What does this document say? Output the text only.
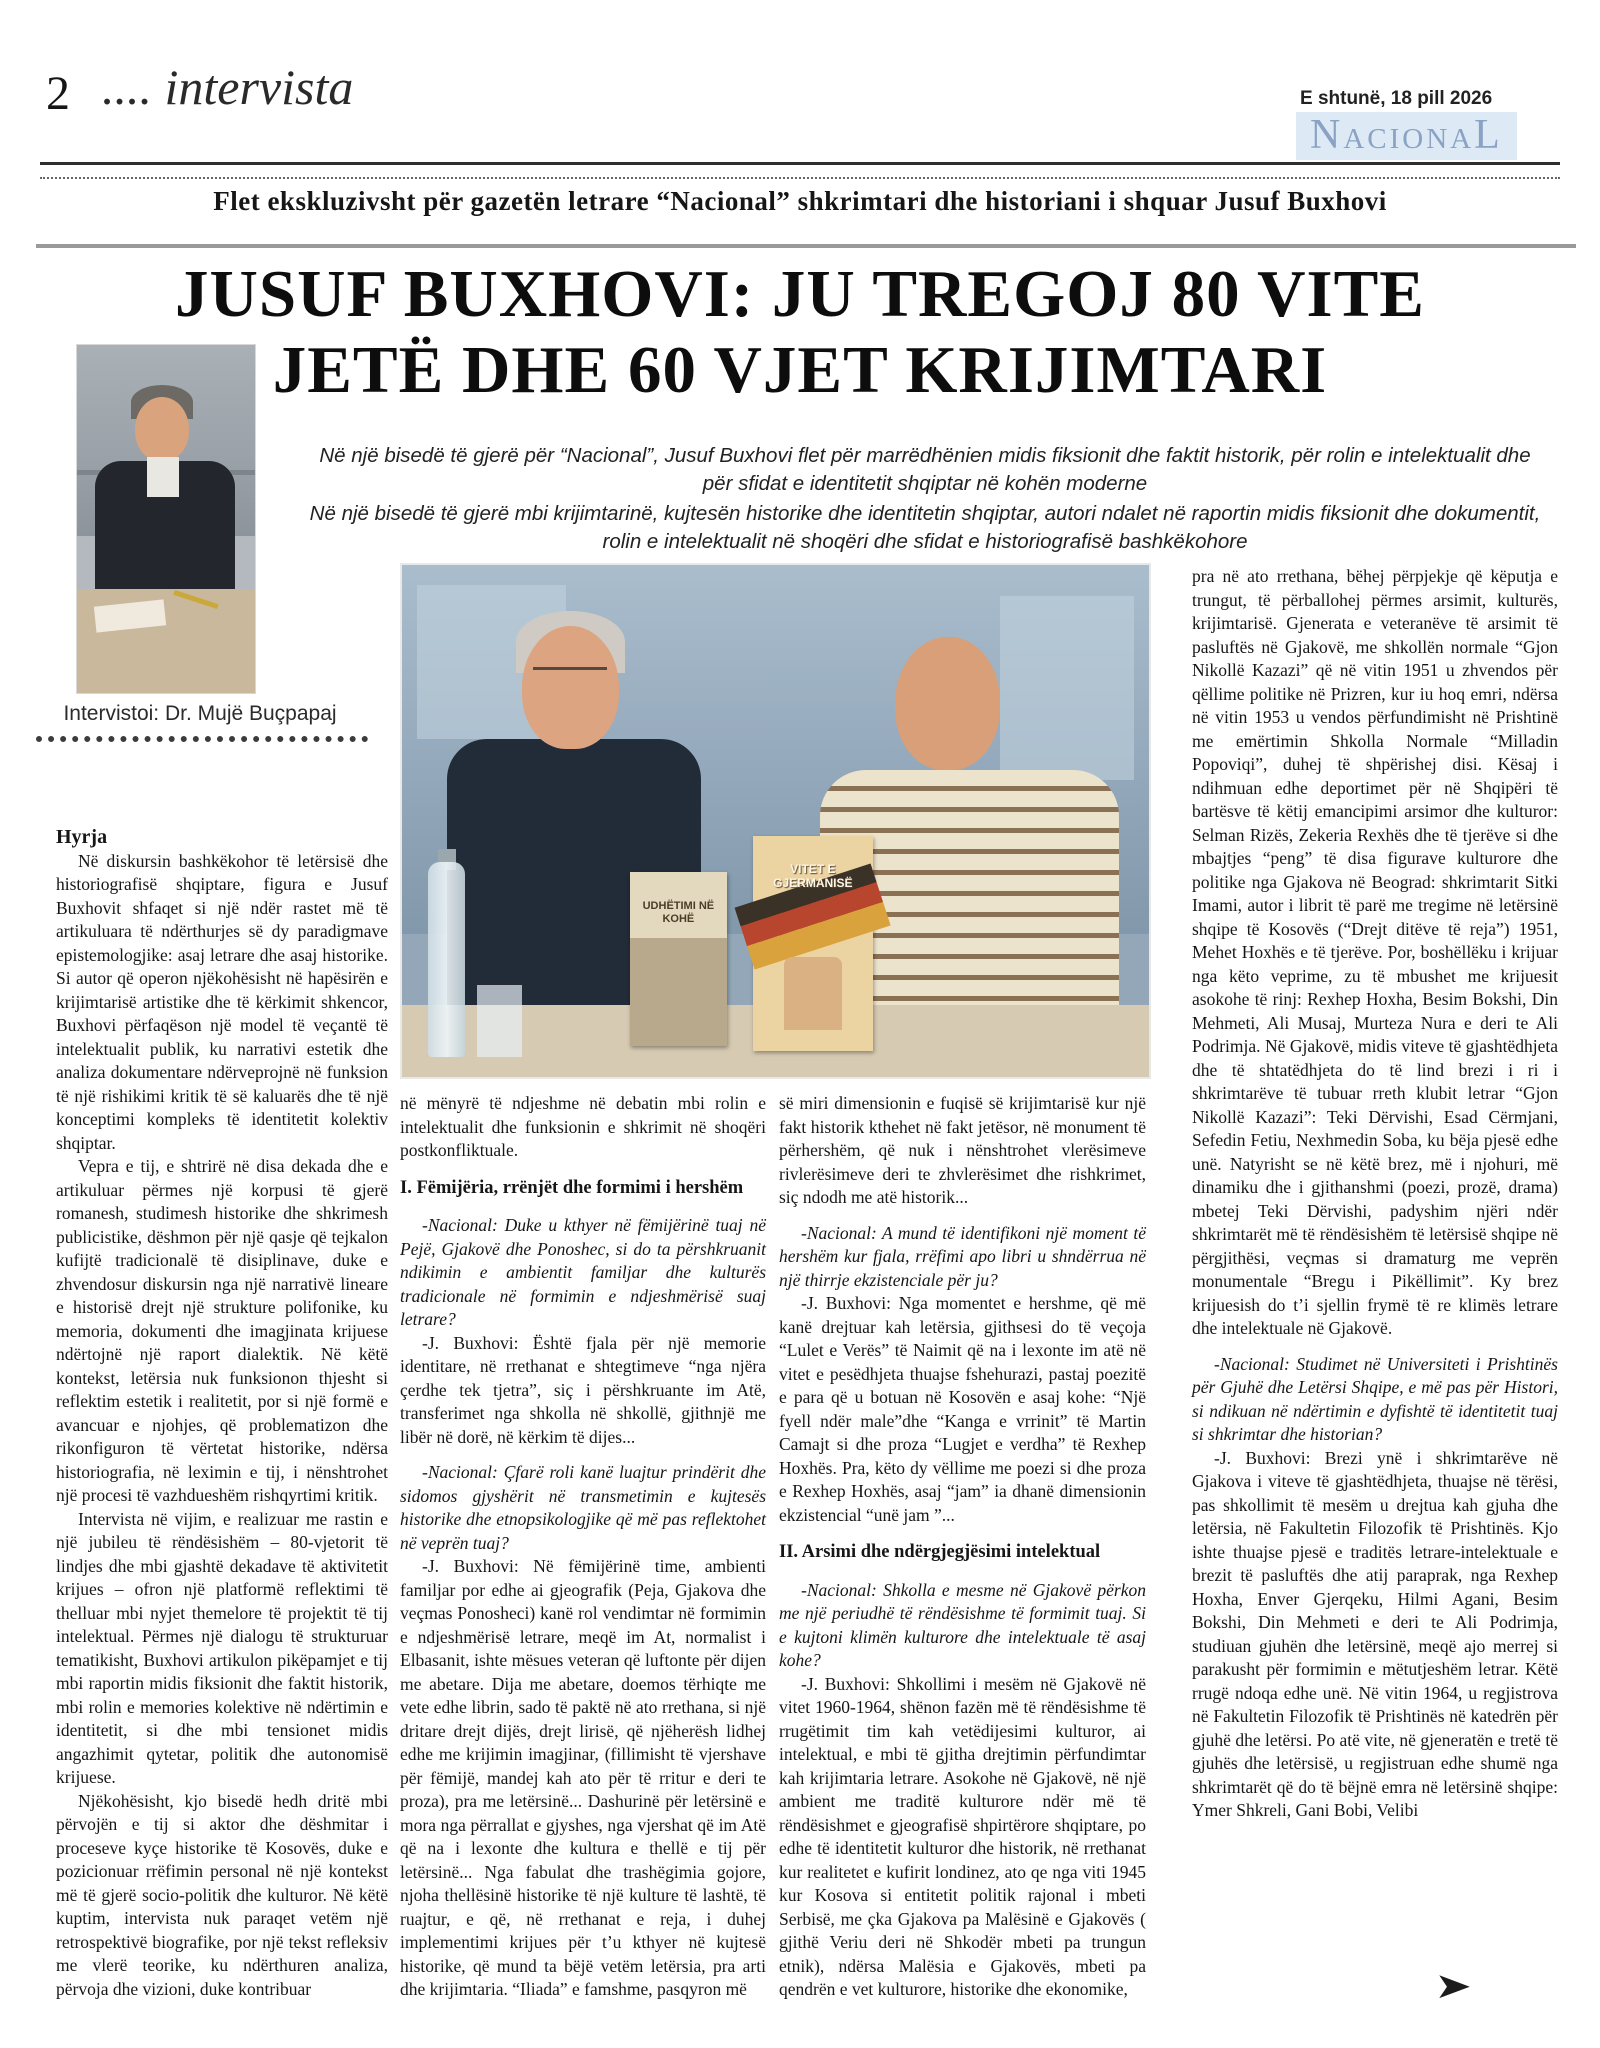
2 .... intervista	E shtunë, 18 pill 2026
NacionaL
Flet ekskluzivsht për gazetën letrare “Nacional” shkrimtari dhe historiani i shquar Jusuf Buxhovi
JUSUF BUXHOVI: JU TREGOJ 80 VITE
JETË DHE 60 VJET KRIJIMTARI

Në një bisedë të gjerë për “Nacional”, Jusuf Buxhovi flet për marrëdhënien midis fiksionit dhe faktit historik, për rolin e intelektualit dhe për sfidat e identitetit shqiptar në kohën moderne

Në një bisedë të gjerë mbi krijimtarinë, kujtesën historike dhe identitetin shqiptar, autori ndalet në raportin midis fiksionit dhe dokumentit, rolin e intelektualit në shoqëri dhe sfidat e historiografisë bashkëkohore

Intervistoi: Dr. Mujë Buçpapaj
UDHËTIMI NË KOHË
VITET E GJERMANISË

Hyrja

Në diskursin bashkëkohor të letërsisë dhe historiografisë shqiptare, figura e Jusuf Buxhovit shfaqet si një ndër rastet më të artikuluara të ndërthurjes së dy paradigmave epistemologjike: asaj letrare dhe asaj historike. Si autor që operon njëkohësisht në hapësirën e krijimtarisë artistike dhe të kërkimit shkencor, Buxhovi përfaqëson një model të veçantë të intelektualit publik, ku narrativi estetik dhe analiza dokumentare ndërveprojnë në funksion të një rishikimi kritik të së kaluarës dhe të një konceptimi kompleks të identitetit kolektiv shqiptar.

Vepra e tij, e shtrirë në disa dekada dhe e artikuluar përmes një korpusi të gjerë romanesh, studimesh historike dhe shkrimesh publicistike, dëshmon për një qasje që tejkalon kufijtë tradicionalë të disiplinave, duke e zhvendosur diskursin nga një narrativë lineare e historisë drejt një strukture polifonike, ku memoria, dokumenti dhe imagjinata krijuese ndërtojnë një raport dialektik. Në këtë kontekst, letërsia nuk funksionon thjesht si reflektim estetik i realitetit, por si një formë e avancuar e njohjes, që problematizon dhe rikonfiguron të vërtetat historike, ndërsa historiografia, në leximin e tij, i nënshtrohet një procesi të vazhdueshëm rishqyrtimi kritik.

Intervista në vijim, e realizuar me rastin e një jubileu të rëndësishëm – 80-vjetorit të lindjes dhe mbi gjashtë dekadave të aktivitetit krijues – ofron një platformë reflektimi të thelluar mbi nyjet themelore të projektit të tij intelektual. Përmes një dialogu të strukturuar tematikisht, Buxhovi artikulon pikëpamjet e tij mbi raportin midis fiksionit dhe faktit historik, mbi rolin e memories kolektive në ndërtimin e identitetit, si dhe mbi tensionet midis angazhimit qytetar, politik dhe autonomisë krijuese.

Njëkohësisht, kjo bisedë hedh dritë mbi përvojën e tij si aktor dhe dëshmitar i proceseve kyçe historike të Kosovës, duke e pozicionuar rrëfimin personal në një kontekst më të gjerë socio-politik dhe kulturor. Në këtë kuptim, intervista nuk paraqet vetëm një retrospektivë biografike, por një tekst refleksiv me vlerë teorike, ku ndërthuren analiza, përvoja dhe vizioni, duke kontribuar

në mënyrë të ndjeshme në debatin mbi rolin e intelektualit dhe funksionin e shkrimit në shoqëri postkonfliktuale.

I. Fëmijëria, rrënjët dhe formimi i hershëm

-Nacional: Duke u kthyer në fëmijërinë tuaj në Pejë, Gjakovë dhe Ponoshec, si do ta përshkruanit ndikimin e ambientit familjar dhe kulturës tradicionale në formimin e ndjeshmërisë suaj letrare?

-J. Buxhovi: Është fjala për një memorie identitare, në rrethanat e shtegtimeve “nga njëra çerdhe tek tjetra”, siç i përshkruante im Atë, transferimet nga shkolla në shkollë, gjithnjë me libër në dorë, në kërkim të dijes...

-Nacional: Çfarë roli kanë luajtur prindërit dhe sidomos gjyshërit në transmetimin e kujtesës historike dhe etnopsikologjike që më pas reflektohet në veprën tuaj?

-J. Buxhovi: Në fëmijërinë time, ambienti familjar por edhe ai gjeografik (Peja, Gjakova dhe veçmas Ponosheci) kanë rol vendimtar në formimin e ndjeshmërisë letrare, meqë im At, normalist i Elbasanit, ishte mësues veteran që luftonte për dijen me abetare. Dija me abetare, doemos tërhiqte me vete edhe librin, sado të paktë në ato rrethana, si një dritare drejt dijës, drejt lirisë, që njëherësh lidhej edhe me krijimin imagjinar, (fillimisht të vjershave për fëmijë, mandej kah ato për të rritur e deri te proza), pra me letërsinë... Dashurinë për letërsinë e mora nga përrallat e gjyshes, nga vjershat që im Atë që na i lexonte dhe kultura e thellë e tij për letërsinë... Nga fabulat dhe trashëgimia gojore, njoha thellësinë historike të një kulture të lashtë, të ruajtur, e që, në rrethanat e reja, i duhej implementimi krijues për t’u kthyer në kujtesë historike, që mund ta bëjë vetëm letërsia, pra arti dhe krijimtaria. “Iliada” e famshme, pasqyron më

së miri dimensionin e fuqisë së krijimtarisë kur një fakt historik kthehet në fakt jetësor, në monument të përhershëm, që nuk i nënshtrohet vlerësimeve rivlerësimeve deri te zhvlerësimet dhe rishkrimet, siç ndodh me atë historik...

-Nacional: A mund të identifikoni një moment të hershëm kur fjala, rrëfimi apo libri u shndërrua në një thirrje ekzistenciale për ju?

-J. Buxhovi: Nga momentet e hershme, që më kanë drejtuar kah letërsia, gjithsesi do të veçoja “Lulet e Verës” të Naimit që na i lexonte im atë në vitet e pesëdhjeta thuajse fshehurazi, pastaj poezitë e para që u botuan në Kosovën e asaj kohe: “Një fyell ndër male”dhe “Kanga e vrrinit” të Martin Camajt si dhe proza “Lugjet e verdha” të Rexhep Hoxhës. Pra, këto dy vëllime me poezi si dhe proza e Rexhep Hoxhës, asaj “jam” ia dhanë dimensionin ekzistencial “unë jam ”...

II. Arsimi dhe ndërgjegjësimi intelektual

-Nacional: Shkolla e mesme në Gjakovë përkon me një periudhë të rëndësishme të formimit tuaj. Si e kujtoni klimën kulturore dhe intelektuale të asaj kohe?

-J. Buxhovi: Shkollimi i mesëm në Gjakovë në vitet 1960-1964, shënon fazën më të rëndësishme të rrugëtimit tim kah vetëdijesimi kulturor, ai intelektual, e mbi të gjitha drejtimin përfundimtar kah krijimtaria letrare. Asokohe në Gjakovë, në një ambient me traditë kulturore ndër më të rëndësishmet e gjeografisë shpirtërore shqiptare, po edhe të identitetit kulturor dhe historik, në rrethanat kur realitetet e kufirit londinez, ato qe nga viti 1945 kur Kosova si entitetit politik rajonal i mbeti Serbisë, me çka Gjakova pa Malësinë e Gjakovës ( gjithë Veriu deri në Shkodër mbeti pa trungun etnik), ndërsa Malësia e Gjakovës, mbeti pa qendrën e vet kulturore, historike dhe ekonomike,

pra në ato rrethana, bëhej përpjekje që këputja e trungut, të përballohej përmes arsimit, kulturës, krijimtarisë. Gjenerata e veteranëve të arsimit të pasluftës në Gjakovë, me shkollën normale “Gjon Nikollë Kazazi” që në vitin 1951 u zhvendos për qëllime politike në Prizren, kur iu hoq emri, ndërsa në vitin 1953 u vendos përfundimisht në Prishtinë me emërtimin Shkolla Normale “Milladin Popoviqi”, duhej të shpërishej disi. Kësaj i ndihmuan edhe deportimet për në Shqipëri të bartësve të këtij emancipimi arsimor dhe kulturor: Selman Rizës, Zekeria Rexhës dhe të tjerëve si dhe mbajtjes “peng” të disa figurave kulturore dhe politike nga Gjakova në Beograd: shkrimtarit Sitki Imami, autor i librit të parë me tregime në letërsinë shqipe të Kosovës (“Drejt ditëve të reja”) 1951, Mehet Hoxhës e të tjerëve. Por, boshëllëku i krijuar nga këto veprime, zu të mbushet me krijuesit asokohe të rinj: Rexhep Hoxha, Besim Bokshi, Din Mehmeti, Ali Musaj, Murteza Nura e deri te Ali Podrimja. Në Gjakovë, midis viteve të gjashtëdhjeta dhe të shtatëdhjeta do të lind brezi i ri i shkrimtarëve të tubuar rreth klubit letrar “Gjon Nikollë Kazazi”: Teki Dërvishi, Esad Cërmjani, Sefedin Fetiu, Nexhmedin Soba, ku bëja pjesë edhe unë. Natyrisht se në këtë brez, më i njohuri, më dinamiku dhe i gjithanshmi (poezi, prozë, drama) mbetej Teki Dërvishi, padyshim njëri ndër shkrimtarët më të rëndësishëm të letërsisë shqipe në përgjithësi, veçmas si dramaturg me veprën monumentale “Bregu i Pikëllimit”. Ky brez krijuesish do t’i sjellin frymë të re klimës letrare dhe intelektuale në Gjakovë.

-Nacional: Studimet në Universiteti i Prishtinës për Gjuhë dhe Letërsi Shqipe, e më pas për Histori, si ndikuan në ndërtimin e dyfishtë të identitetit tuaj si shkrimtar dhe historian?

-J. Buxhovi: Brezi ynë i shkrimtarëve në Gjakova i viteve të gjashtëdhjeta, thuajse në tërësi, pas shkollimit të mesëm u drejtua kah gjuha dhe letërsia, në Fakultetin Filozofik të Prishtinës. Kjo ishte thuajse pjesë e traditës letrare-intelektuale e brezit të pasluftës dhe atij paraprak, nga Rexhep Hoxha, Enver Gjerqeku, Hilmi Agani, Besim Bokshi, Din Mehmeti e deri te Ali Podrimja, studiuan gjuhën dhe letërsinë, meqë ajo merrej si parakusht për formimin e mëtutjeshëm letrar. Këtë rrugë ndoqa edhe unë. Në vitin 1964, u regjistrova në Fakultetin Filozofik të Prishtinës në katedrën për gjuhë dhe letërsi. Po atë vite, në gjeneratën e tretë të gjuhës dhe letërsisë, u regjistruan edhe shumë nga shkrimtarët që do të bëjnë emra në letërsinë shqipe: Ymer Shkreli, Gani Bobi, Velibi

➤
